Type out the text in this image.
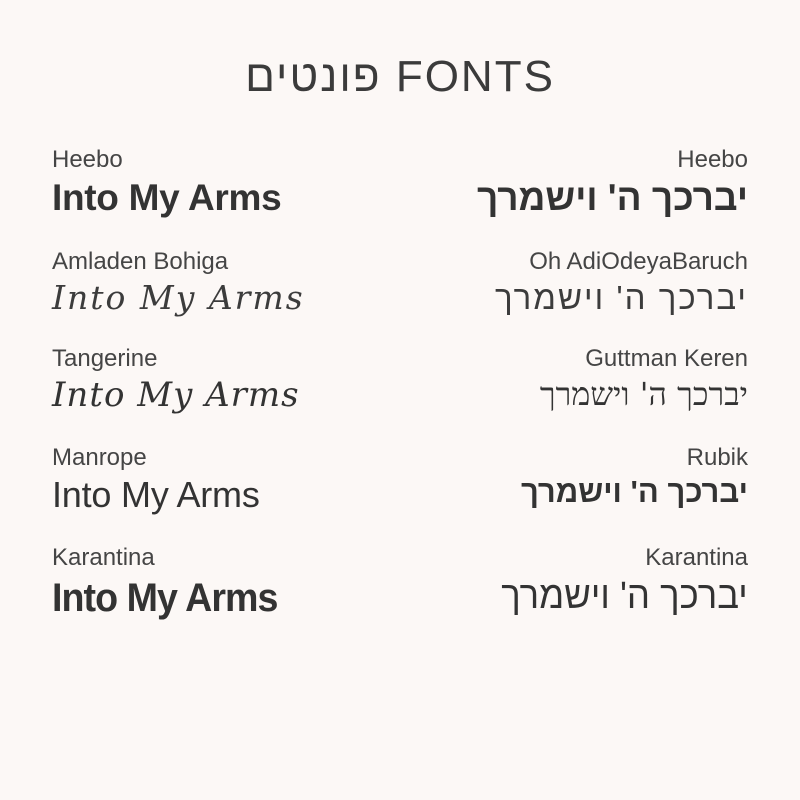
פונטים FONTS
Heebo
Into My Arms
Heebo
יברכך ה' וישמרך
Amladen Bohiga
Into My Arms
Oh AdiOdeyaBaruch
יברכך ה' וישמרך
Tangerine
Into My Arms
Guttman Keren
יברכך ה' וישמרך
Manrope
Into My Arms
Rubik
יברכך ה' וישמרך
Karantina
Into My Arms
Karantina
יברכך ה' וישמרך
